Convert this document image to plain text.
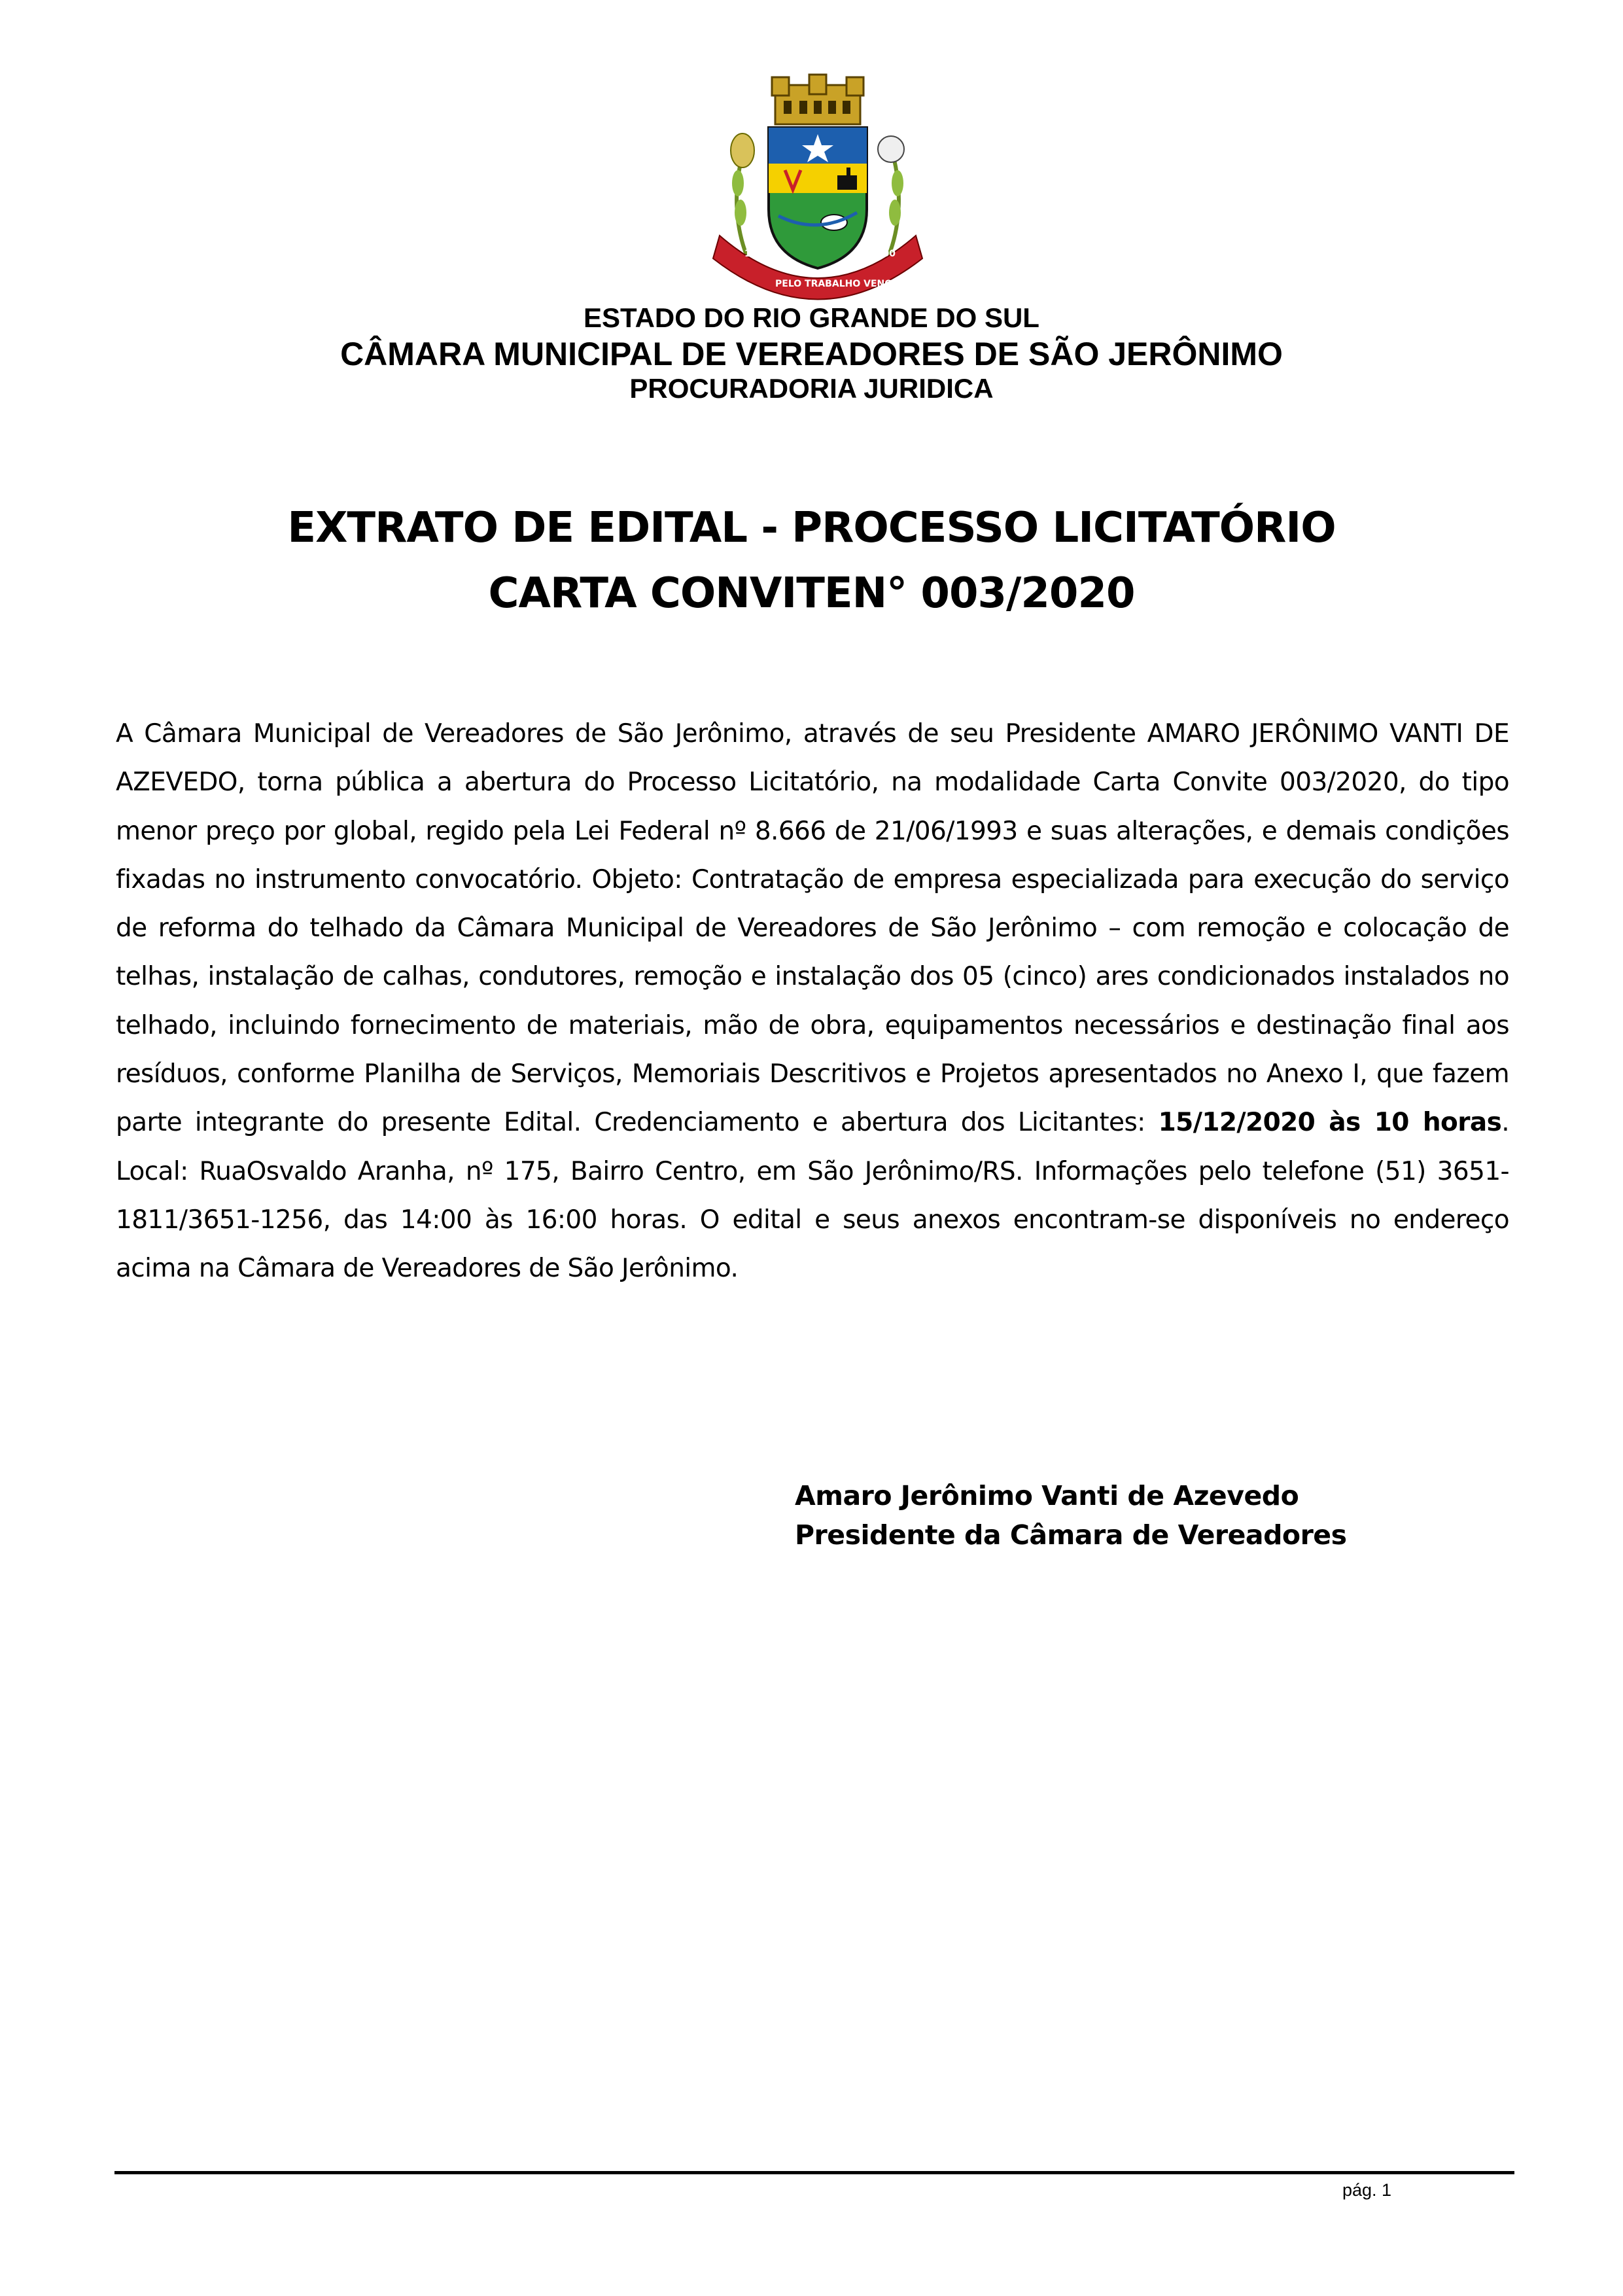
1861	2000
PELO TRABALHO VENCERÁ
ESTADO DO RIO GRANDE DO SUL
CÂMARA MUNICIPAL DE VEREADORES DE SÃO JERÔNIMO
PROCURADORIA JURIDICA
EXTRATO DE EDITAL - PROCESSO LICITATÓRIO
CARTA CONVITEN° 003/2020
A Câmara Municipal de Vereadores de São Jerônimo, através de seu Presidente AMARO JERÔNIMO VANTI DE AZEVEDO, torna pública a abertura do Processo Licitatório, na modalidade Carta Convite 003/2020, do tipo menor preço por global, regido pela Lei Federal nº 8.666 de 21/06/1993 e suas alterações, e demais condições fixadas no instrumento convocatório. Objeto: Contratação de empresa especializada para execução do serviço de reforma do telhado da Câmara Municipal de Vereadores de São Jerônimo – com remoção e colocação de telhas, instalação de calhas, condutores, remoção e instalação dos 05 (cinco) ares condicionados instalados no telhado, incluindo fornecimento de materiais, mão de obra, equipamentos necessários e destinação final aos resíduos, conforme Planilha de Serviços, Memoriais Descritivos e Projetos apresentados no Anexo I, que fazem parte integrante do presente Edital. Credenciamento e abertura dos Licitantes: 15/12/2020 às 10 horas. Local: RuaOsvaldo Aranha, nº 175, Bairro Centro, em São Jerônimo/RS. Informações pelo telefone (51) 3651-1811/3651-1256, das 14:00 às 16:00 horas. O edital e seus anexos encontram-se disponíveis no endereço acima na Câmara de Vereadores de São Jerônimo.
Amaro Jerônimo Vanti de Azevedo
Presidente da Câmara de Vereadores
pág. 1
